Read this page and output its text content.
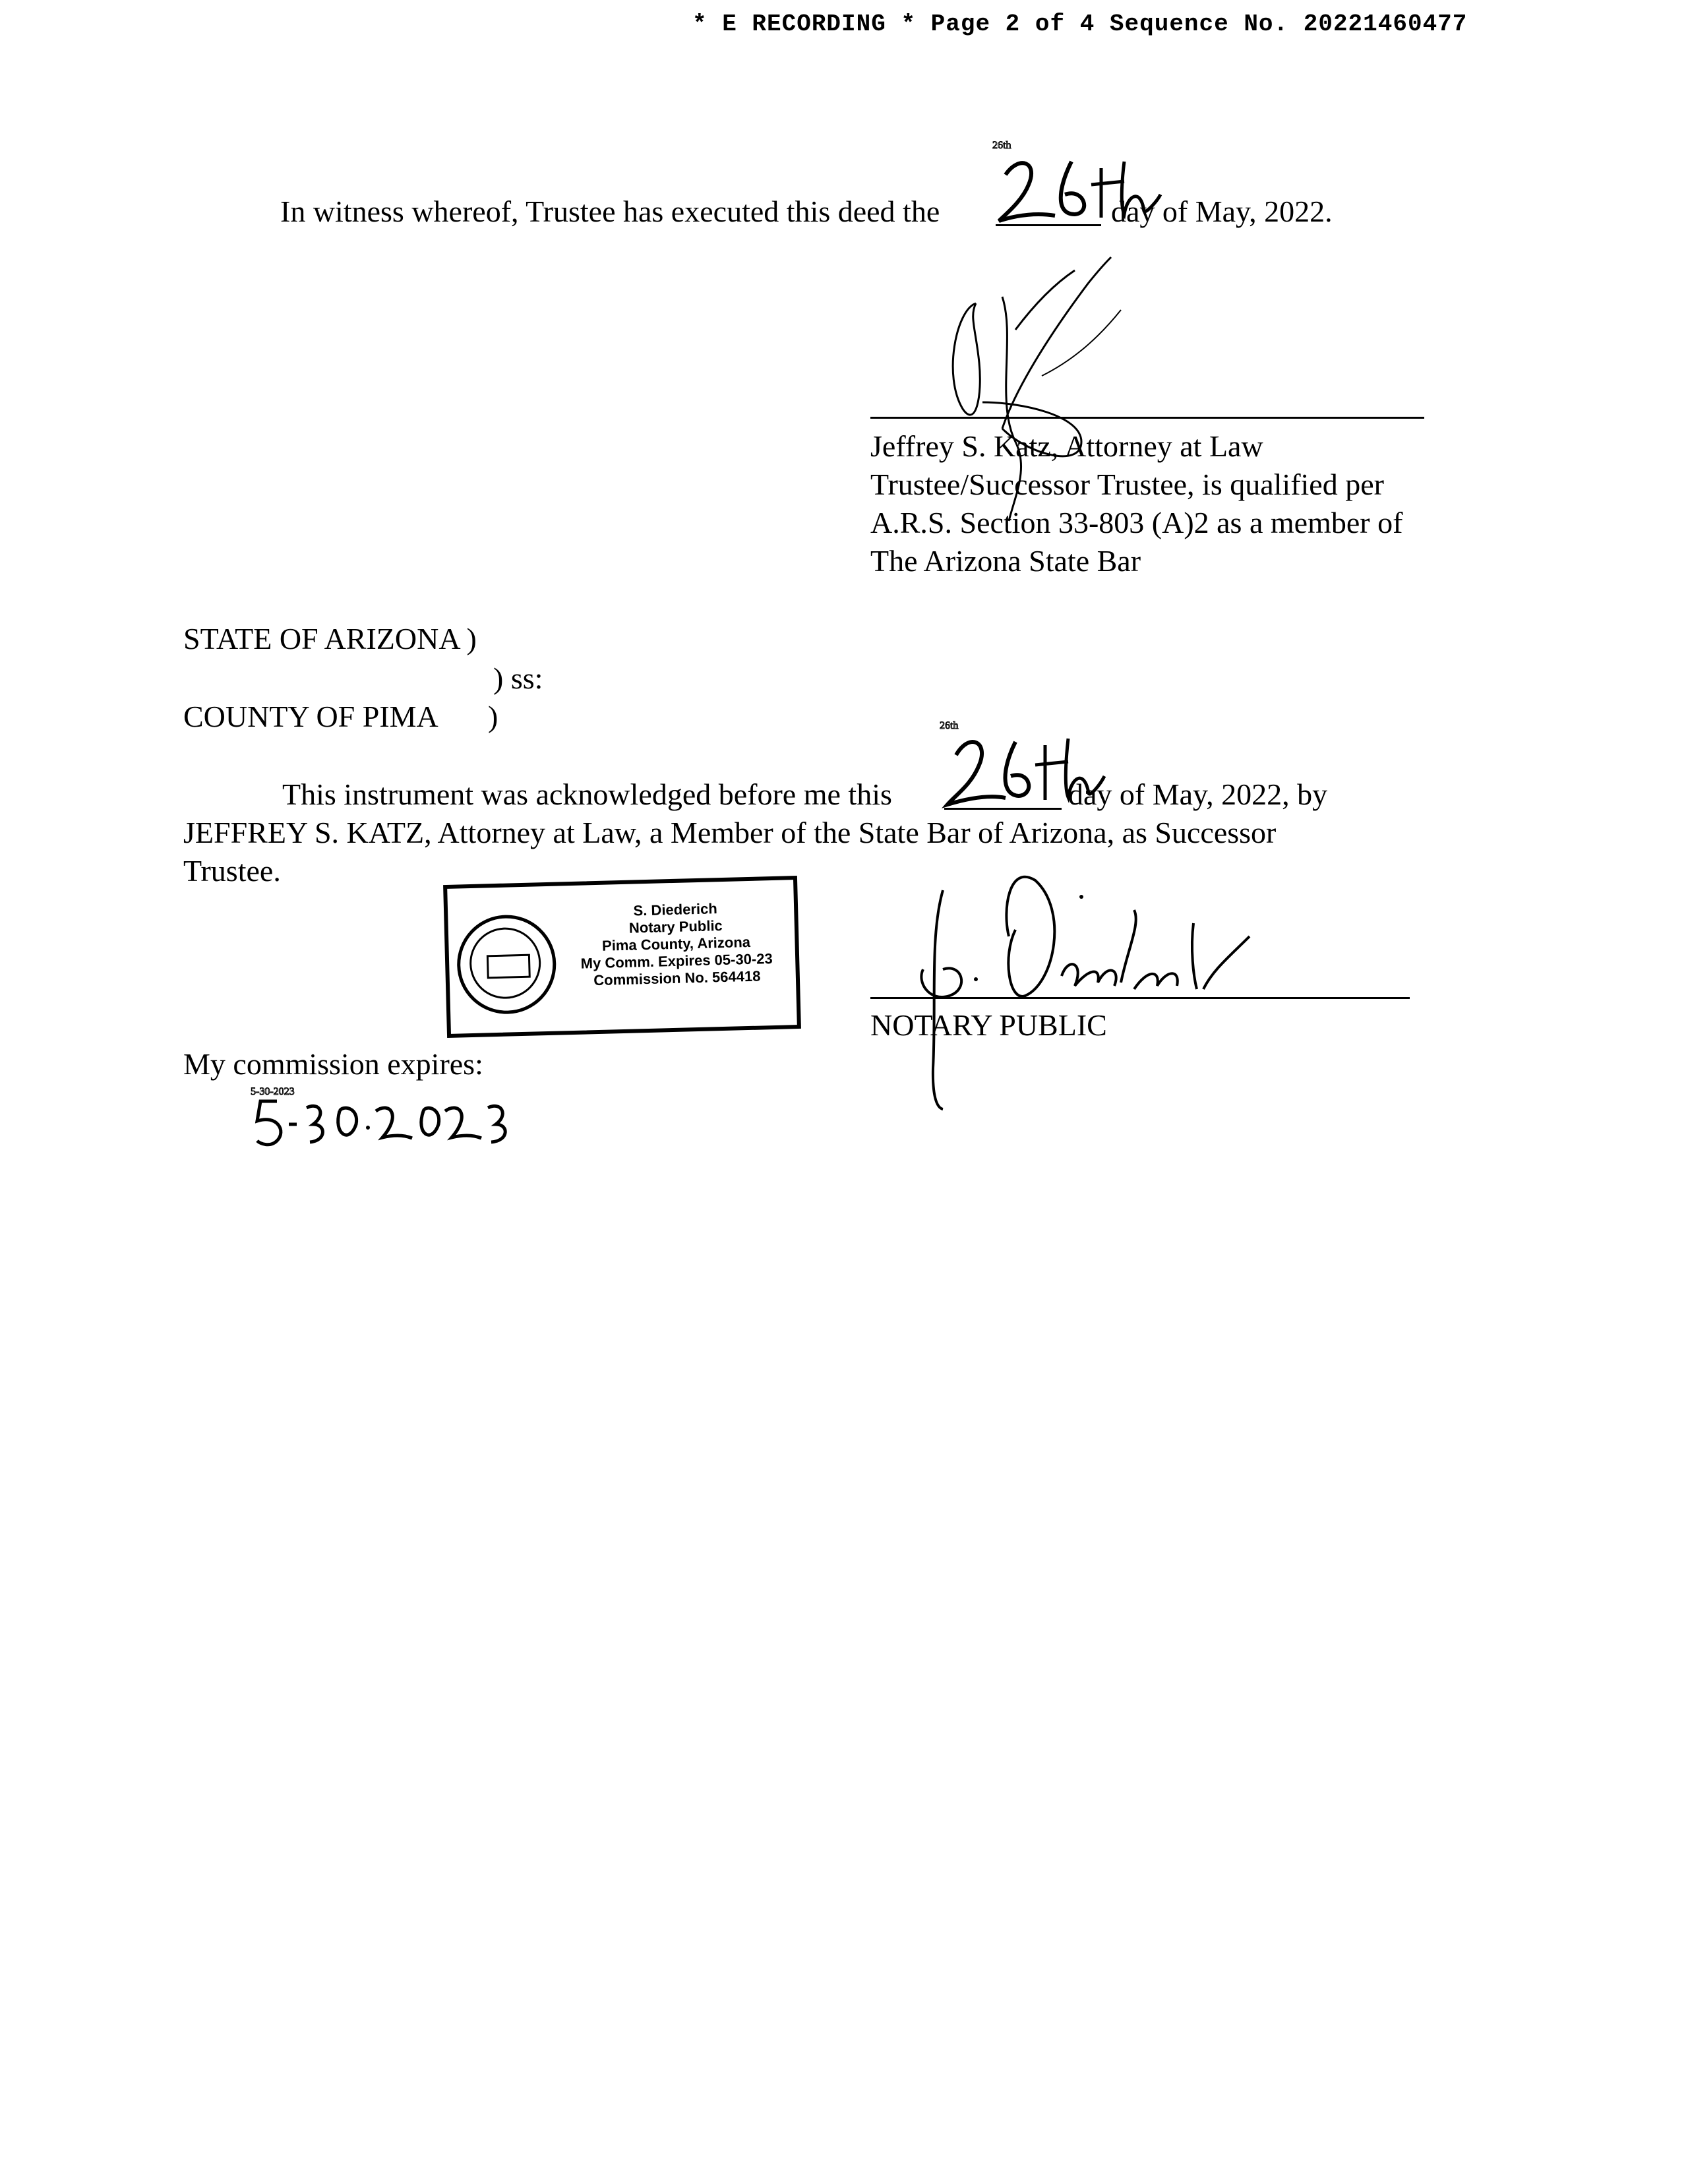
* E RECORDING * Page 2 of 4 Sequence No. 20221460477
In witness whereof, Trustee has executed this deed the
26th
day of May, 2022.
Jeffrey S. Katz, Attorney at Law
Trustee/Successor Trustee, is qualified per
A.R.S. Section 33-803 (A)2 as a member of
The Arizona State Bar
STATE OF ARIZONA )
) ss:
COUNTY OF PIMA )
This instrument was acknowledged before me this
26th
day of May, 2022, by
JEFFREY S. KATZ, Attorney at Law, a Member of the State Bar of Arizona, as Successor
Trustee.
S. Diederich
Notary Public
Pima County, Arizona
My Comm. Expires 05-30-23
Commission No. 564418
NOTARY PUBLIC
My commission expires:
5-30-2023
